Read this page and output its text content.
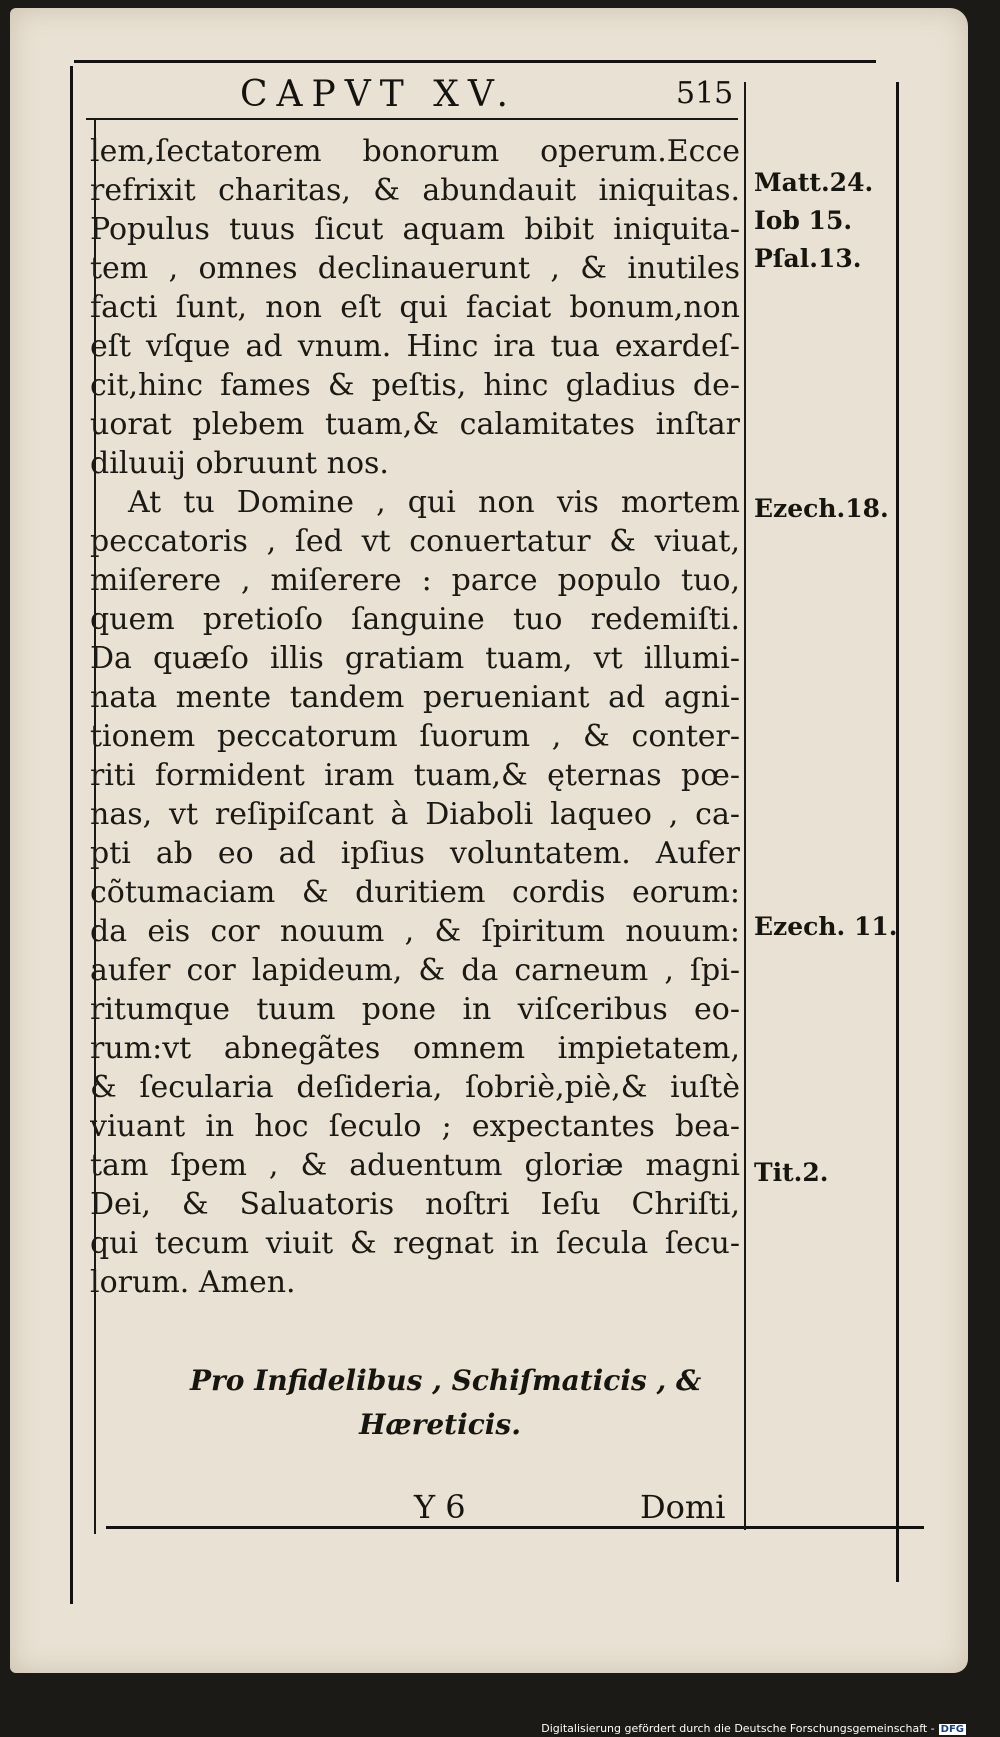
CAPVT XV.	515
lem,ſectatorem bonorum operum.Ecce
refrixit charitas, & abundauit iniquitas.
Populus tuus ſicut aquam bibit iniquita-
tem , omnes declinauerunt , & inutiles
facti ſunt, non eſt qui faciat bonum,non
eſt vſque ad vnum. Hinc ira tua exardeſ-
cit,hinc fames & peſtis, hinc gladius de-
uorat plebem tuam,& calamitates inſtar
diluuij obruunt nos.
At tu Domine , qui non vis mortem
peccatoris , ſed vt conuertatur & viuat,
miſerere , miſerere : parce populo tuo,
quem pretioſo ſanguine tuo redemiſti.
Da quæſo illis gratiam tuam, vt illumi-
nata mente tandem perueniant ad agni-
tionem peccatorum ſuorum , & conter-
riti formident iram tuam,& ęternas pœ-
nas, vt reſipiſcant à Diaboli laqueo , ca-
pti ab eo ad ipſius voluntatem. Aufer
cõtumaciam & duritiem cordis eorum:
da eis cor nouum , & ſpiritum nouum:
aufer cor lapideum, & da carneum , ſpi-
ritumque tuum pone in viſceribus eo-
rum:vt abnegãtes omnem impietatem,
& ſecularia deſideria, ſobriè,piè,& iuſtè
viuant in hoc ſeculo ; expectantes bea-
tam ſpem , & aduentum gloriæ magni
Dei, & Saluatoris noſtri Ieſu Chriſti,
qui tecum viuit & regnat in ſecula ſecu-
lorum. Amen.
Matt.24.
Iob 15.
Pſal.13.
Ezech.18.
Ezech. 11.
Tit.2.
Pro Infidelibus , Schiſmaticis , &
Hæreticis.
Y 6	Domi
Digitalisierung gefördert durch die Deutsche Forschungsgemeinschaft - DFG
